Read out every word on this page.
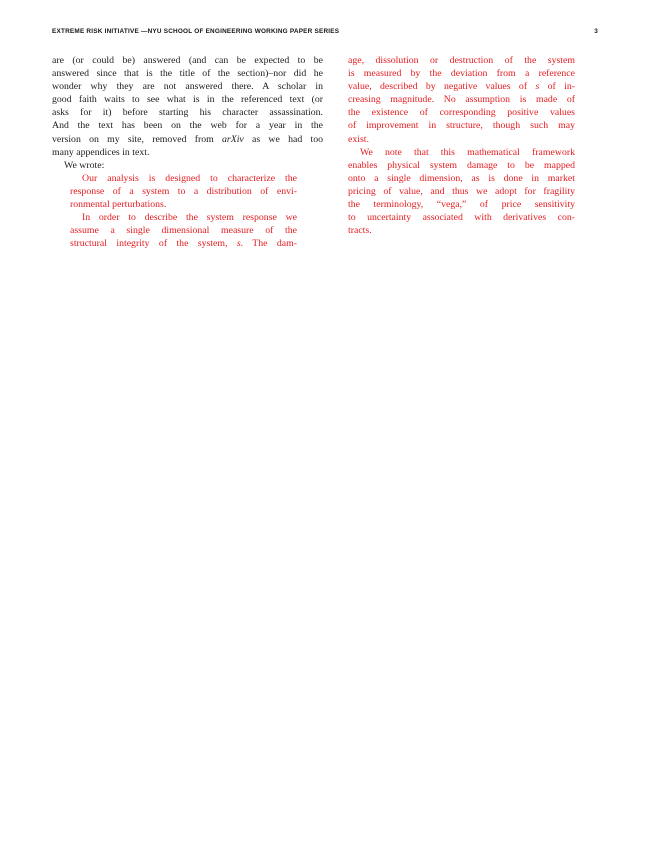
EXTREME RISK INITIATIVE —NYU SCHOOL OF ENGINEERING WORKING PAPER SERIES	3
are (or could be) answered (and can be expected to be
answered since that is the title of the section)–nor did he
wonder why they are not answered there. A scholar in
good faith waits to see what is in the referenced text (or
asks for it) before starting his character assassination.
And the text has been on the web for a year in the
version on my site, removed from arXiv as we had too
many appendices in text.
We wrote:
Our analysis is designed to characterize the
response of a system to a distribution of envi-
ronmental perturbations.
In order to describe the system response we
assume a single dimensional measure of the
structural integrity of the system, s. The dam-
age, dissolution or destruction of the system
is measured by the deviation from a reference
value, described by negative values of s of in-
creasing magnitude. No assumption is made of
the existence of corresponding positive values
of improvement in structure, though such may
exist.
We note that this mathematical framework
enables physical system damage to be mapped
onto a single dimension, as is done in market
pricing of value, and thus we adopt for fragility
the terminology, “vega,” of price sensitivity
to uncertainty associated with derivatives con-
tracts.
